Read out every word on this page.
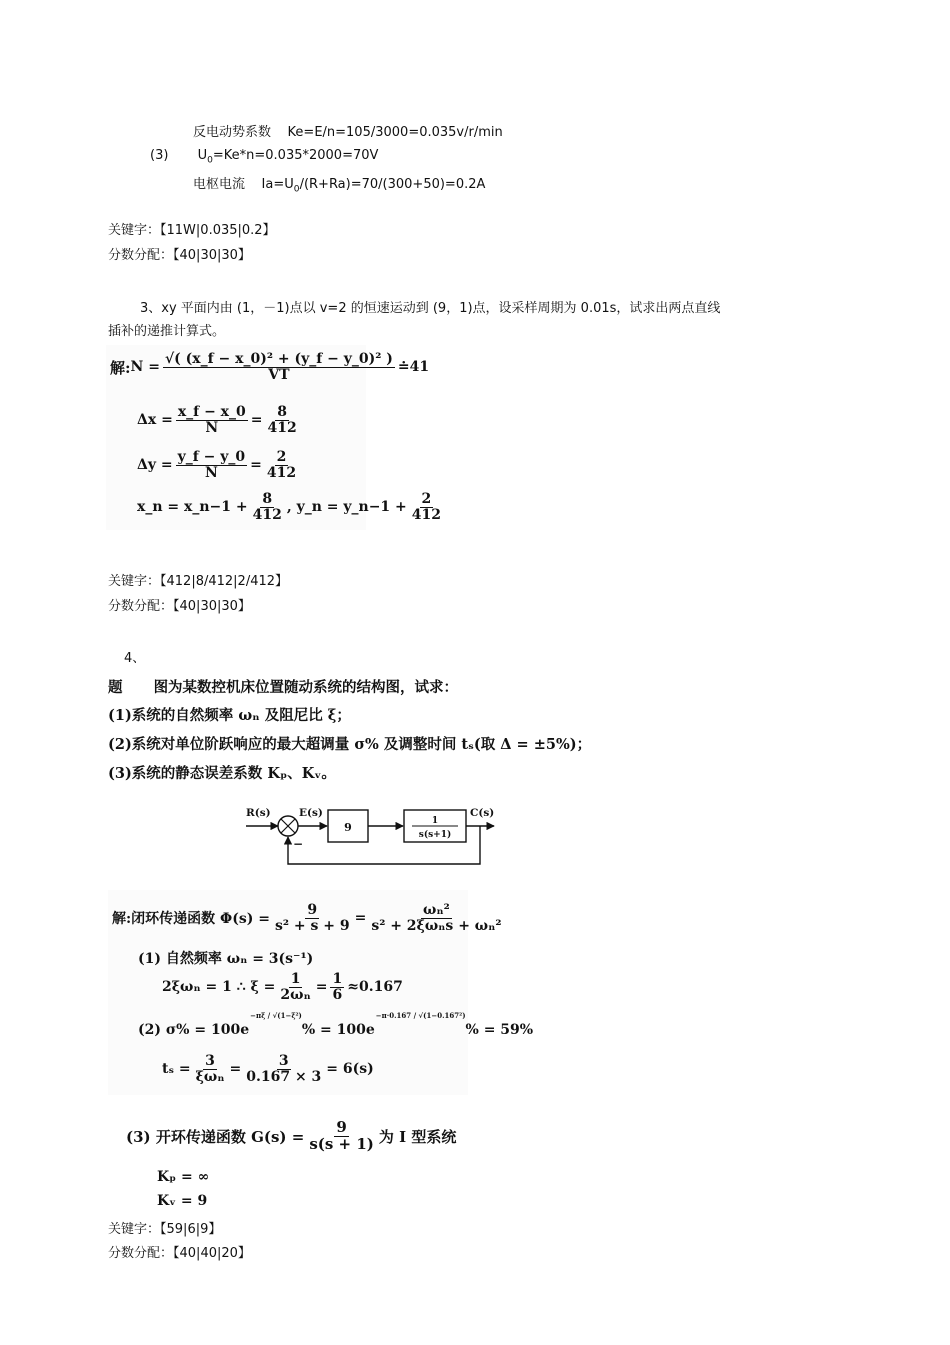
反电动势系数 Ke=E/n=105/3000=0.035v/r/min
(3) $U_0=Ke*n=0.035*2000=70V$
电枢电流 $Ia=U_0/(R+Ra)=70/(300+50)=0.2A$
关键字：【11W|0.035|0.2】
分数分配：【40|30|30】
3、xy 平面内由 (1，－1)点以 v=2 的恒速运动到 (9，1)点，设采样周期为 0.01s，试求出两点直线
插补的递推计算式。
解: $N = \frac{\text{√( (x\_f − x\_0)² + (y\_f − y\_0)² )}}{VT}$ ≐41
$\Delta x = \frac{x\_f - x\_0}{N} = \frac{8}{412}$
$\Delta y = \frac{y\_f - y\_0}{N} = \frac{2}{412}$
x_n = x_n−1 + $\frac{8}{412}$ , y_n = y_n−1 + $\frac{2}{412}$
关键字：【412|8/412|2/412】
分数分配：【40|30|30】
4、
题 图为某数控机床位置随动系统的结构图，试求：
(1)系统的自然频率 ωₙ 及阻尼比 ξ；
(2)系统对单位阶跃响应的最大超调量 σ% 及调整时间 tₛ(取 Δ = ±5%)；
(3)系统的静态误差系数 Kₚ、Kᵥ。
R(s)	E(s)
9	1
s(s+1)
C(s)
−
解:闭环传递函数 $\Phi(s) = \frac{9}{\text{s² + s + 9}} = \frac{\text{ωₙ²}}{\text{s² + 2ξωₙs + ωₙ²}}$
(1) 自然频率 ωₙ = 3(s⁻¹)
2ξωₙ = 1 ∴ $\xi = \frac{1}{\text{2ωₙ}} = \frac{1}{6} \approx 0.167$
(2) σ% = 100e
−πξ / √(1−ξ²)
% = 100e
−π·0.167 / √(1−0.167²)
% = 59%
$t_s = \frac{3}{\text{ξωₙ}} = \frac{3}{0.167 \times 3} = 6(s)$
(3) 开环传递函数 $G(s) = \frac{9}{s(s + 1)}$ 为 I 型系统
Kₚ = ∞
Kᵥ = 9
关键字：【59|6|9】
分数分配：【40|40|20】
